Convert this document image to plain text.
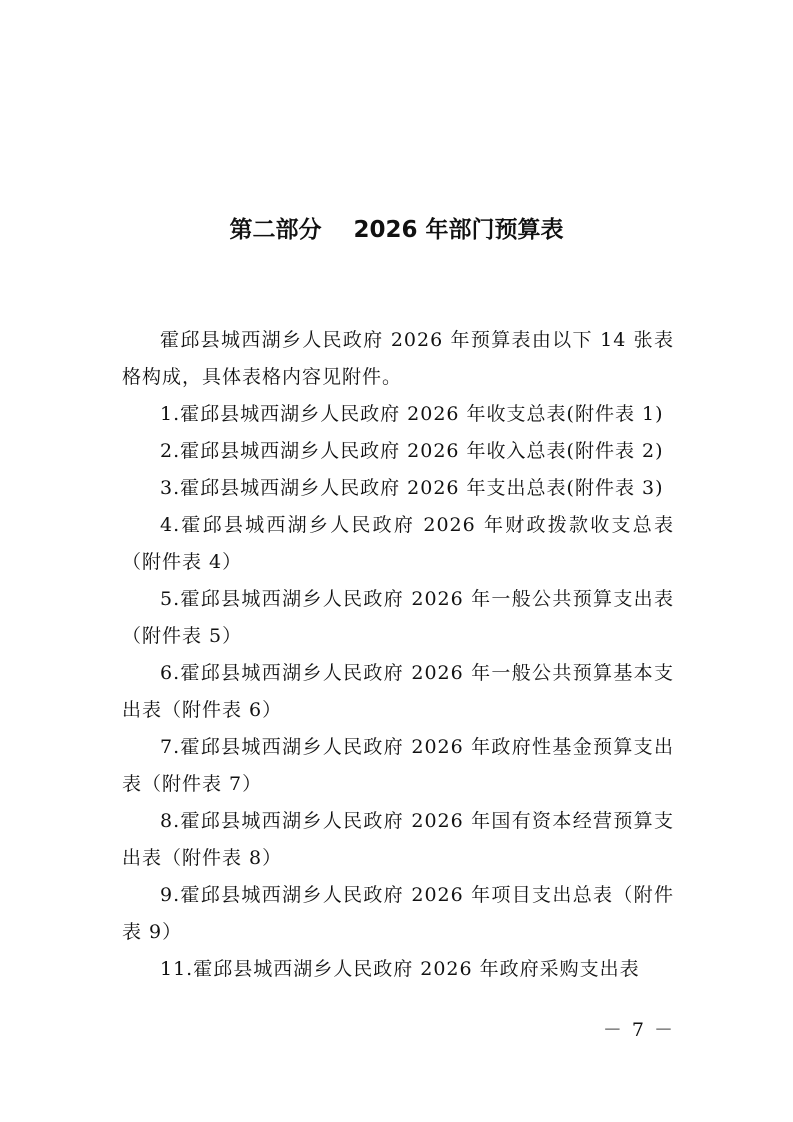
第二部分    2026 年部门预算表

霍邱县城西湖乡人民政府 2026 年预算表由以下 14 张表格构成，具体表格内容见附件。

1.霍邱县城西湖乡人民政府 2026 年收支总表(附件表 1)

2.霍邱县城西湖乡人民政府 2026 年收入总表(附件表 2)

3.霍邱县城西湖乡人民政府 2026 年支出总表(附件表 3)

4.霍邱县城西湖乡人民政府 2026 年财政拨款收支总表（附件表 4）

5.霍邱县城西湖乡人民政府 2026 年一般公共预算支出表（附件表 5）

6.霍邱县城西湖乡人民政府 2026 年一般公共预算基本支出表（附件表 6）

7.霍邱县城西湖乡人民政府 2026 年政府性基金预算支出表（附件表 7）

8.霍邱县城西湖乡人民政府 2026 年国有资本经营预算支出表（附件表 8）

9.霍邱县城西湖乡人民政府 2026 年项目支出总表（附件表 9）

11.霍邱县城西湖乡人民政府 2026 年政府采购支出表

－ 7 －
